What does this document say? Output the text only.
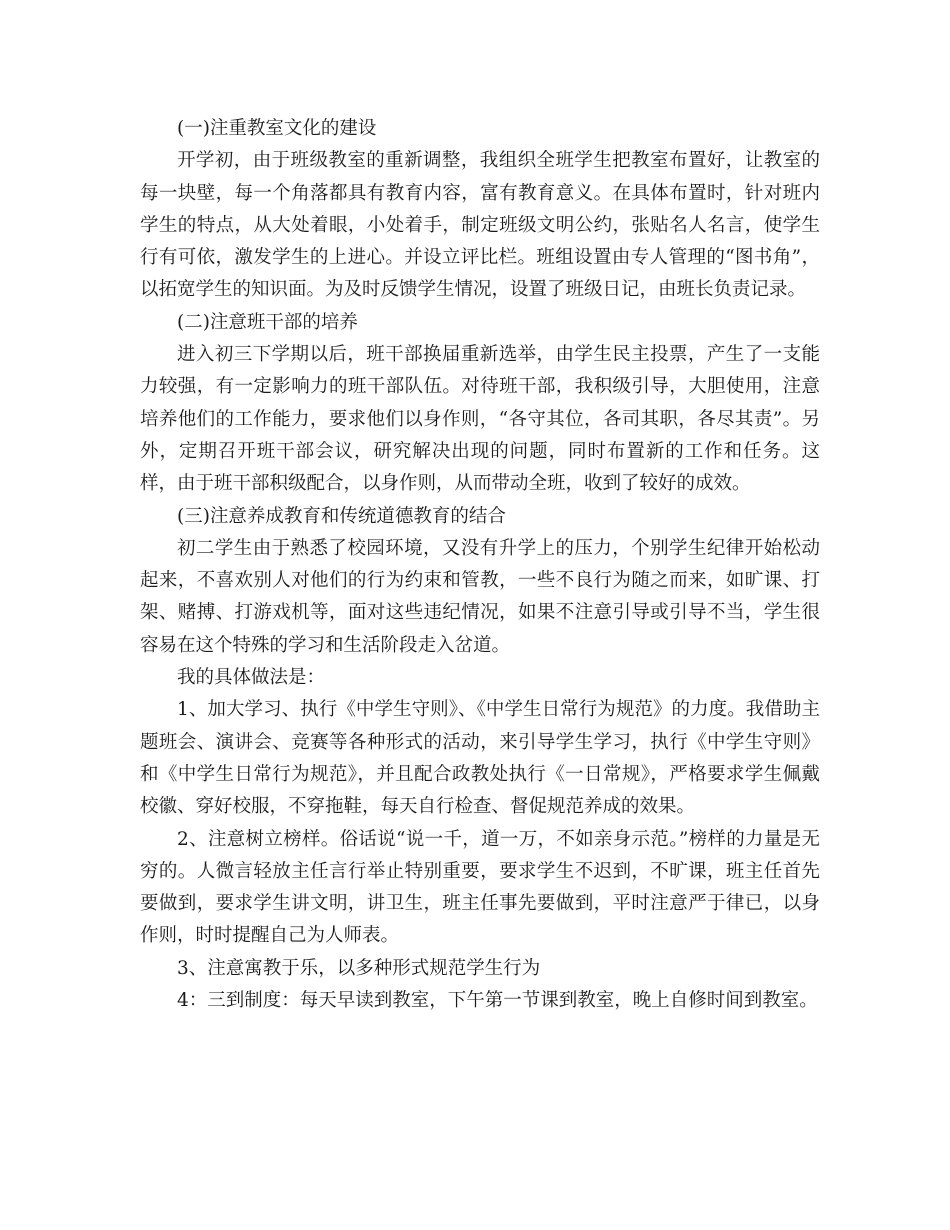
(一)注重教室文化的建设

开学初，由于班级教室的重新调整，我组织全班学生把教室布置好，让教室的每一块壁，每一个角落都具有教育内容，富有教育意义。在具体布置时，针对班内学生的特点，从大处着眼，小处着手，制定班级文明公约，张贴名人名言，使学生行有可依，激发学生的上进心。并设立评比栏。班组设置由专人管理的“图书角”，以拓宽学生的知识面。为及时反馈学生情况，设置了班级日记，由班长负责记录。

(二)注意班干部的培养

进入初三下学期以后，班干部换届重新选举，由学生民主投票，产生了一支能力较强，有一定影响力的班干部队伍。对待班干部，我积级引导，大胆使用，注意培养他们的工作能力，要求他们以身作则，“各守其位，各司其职，各尽其责”。另外，定期召开班干部会议，研究解决出现的问题，同时布置新的工作和任务。这样，由于班干部积级配合，以身作则，从而带动全班，收到了较好的成效。

(三)注意养成教育和传统道德教育的结合

初二学生由于熟悉了校园环境，又没有升学上的压力，个别学生纪律开始松动起来，不喜欢别人对他们的行为约束和管教，一些不良行为随之而来，如旷课、打架、赌搏、打游戏机等，面对这些违纪情况，如果不注意引导或引导不当，学生很容易在这个特殊的学习和生活阶段走入岔道。

我的具体做法是：

1、加大学习、执行《中学生守则》、《中学生日常行为规范》的力度。我借助主题班会、演讲会、竞赛等各种形式的活动，来引导学生学习，执行《中学生守则》和《中学生日常行为规范》，并且配合政教处执行《一日常规》，严格要求学生佩戴校徽、穿好校服，不穿拖鞋，每天自行检查、督促规范养成的效果。

2、注意树立榜样。俗话说“说一千，道一万，不如亲身示范。”榜样的力量是无穷的。人微言轻放主任言行举止特别重要，要求学生不迟到，不旷课，班主任首先要做到，要求学生讲文明，讲卫生，班主任事先要做到，平时注意严于律已，以身作则，时时提醒自己为人师表。

3、注意寓教于乐，以多种形式规范学生行为

4：三到制度：每天早读到教室，下午第一节课到教室，晚上自修时间到教室。
